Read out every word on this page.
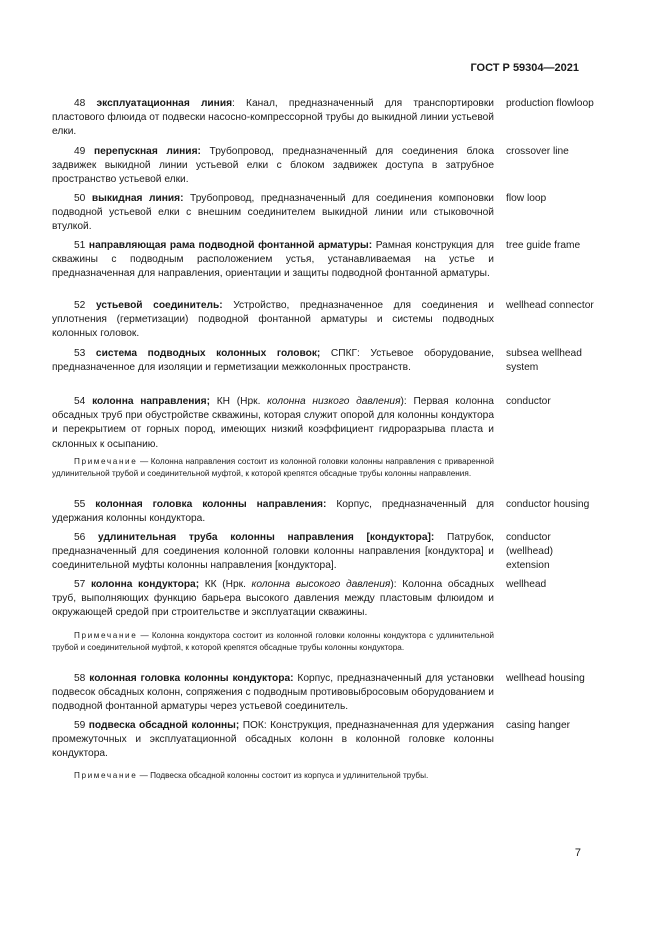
ГОСТ Р 59304—2021
48 эксплуатационная линия: Канал, предназначенный для транспортировки пластового флюида от подвески насосно-компрессорной трубы до выкидной линии устьевой елки.
production flowloop
49 перепускная линия: Трубопровод, предназначенный для соединения блока задвижек выкидной линии устьевой елки с блоком задвижек доступа в затрубное пространство устьевой елки.
crossover line
50 выкидная линия: Трубопровод, предназначенный для соединения компоновки подводной устьевой елки с внешним соединителем выкидной линии или стыковочной втулкой.
flow loop
51 направляющая рама подводной фонтанной арматуры: Рамная конструкция для скважины с подводным расположением устья, устанавливаемая на устье и предназначенная для направления, ориентации и защиты подводной фонтанной арматуры.
tree guide frame
52 устьевой соединитель: Устройство, предназначенное для соединения и уплотнения (герметизации) подводной фонтанной арматуры и системы подводных колонных головок.
wellhead connector
53 система подводных колонных головок; СПКГ: Устьевое оборудование, предназначенное для изоляции и герметизации межколонных пространств.
subsea wellhead system
54 колонна направления; КН (Нрк. колонна низкого давления): Первая колонна обсадных труб при обустройстве скважины, которая служит опорой для колонны кондуктора и перекрытием от горных пород, имеющих низкий коэффициент гидроразрыва пласта и склонных к осыпанию.
conductor
Примечание — Колонна направления состоит из колонной головки колонны направления с приваренной удлинительной трубой и соединительной муфтой, к которой крепятся обсадные трубы колонны направления.
55 колонная головка колонны направления: Корпус, предназначенный для удержания колонны кондуктора.
conductor housing
56 удлинительная труба колонны направления [кондуктора]: Патрубок, предназначенный для соединения колонной головки колонны направления [кондуктора] и соединительной муфты колонны направления [кондуктора].
conductor (wellhead) extension
57 колонна кондуктора; КК (Нрк. колонна высокого давления): Колонна обсадных труб, выполняющих функцию барьера высокого давления между пластовым флюидом и окружающей средой при строительстве и эксплуатации скважины.
wellhead
Примечание — Колонна кондуктора состоит из колонной головки колонны кондуктора с удлинительной трубой и соединительной муфтой, к которой крепятся обсадные трубы колонны кондуктора.
58 колонная головка колонны кондуктора: Корпус, предназначенный для установки подвесок обсадных колонн, сопряжения с подводным противовыбросовым оборудованием и подводной фонтанной арматуры через устьевой соединитель.
wellhead housing
59 подвеска обсадной колонны; ПОК: Конструкция, предназначенная для удержания промежуточных и эксплуатационной обсадных колонн в колонной головке колонны кондуктора.
casing hanger
Примечание — Подвеска обсадной колонны состоит из корпуса и удлинительной трубы.
7
